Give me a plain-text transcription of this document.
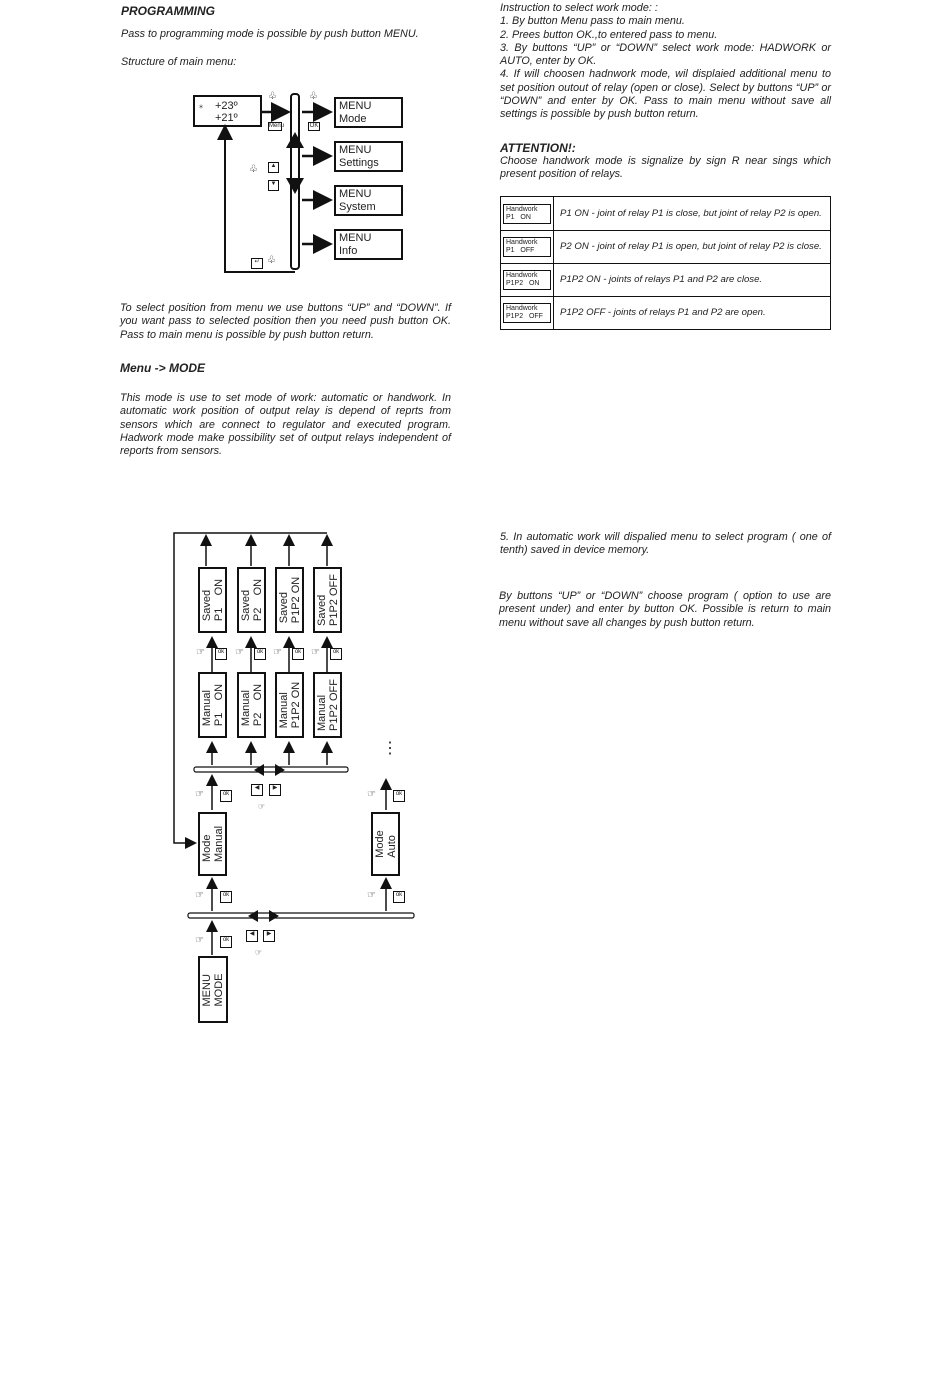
PROGRAMMING

Pass to programming mode is possible by push button MENU.

Structure of main menu:

⁎ +23º
+21º
♧
Menu
♧
OK
♧	▲
▼
↵ ♧
MENU
Mode
MENU
Settings
MENU
System
MENU
Info

To select position from menu we use buttons “UP” and “DOWN”. If you want pass to selected position then you need push button OK. Pass to main menu is possible by push button return.

Menu -> MODE

This mode is use to set mode of work: automatic or handwork. In automatic work position of output relay is depend of reprts from sensors which are connect to regulator and executed program. Hadwork mode make possibility set of output relays independent of reports from sensors.

Instruction to select work mode: :

1. By button Menu pass to main menu.

2. Prees button OK.,to entered pass to menu.

3. By buttons “UP” or “DOWN” select work mode: HADWORK or AUTO, enter by OK.

4. If will choosen hadnwork mode, wil displaied additional menu to set position outout of relay (open or close). Select by buttons “UP” or “DOWN” and enter by OK. Pass to main menu without save all settings is possible by push button return.

ATTENTION!:

Choose handwork mode is signalize by sign R near sings which present position of relays.

Handwork
P1   ON	P1 ON - joint of relay P1 is close, but joint of relay P2 is open.

Handwork
P1   OFF	P2 ON - joint of relay P1 is open, but joint of relay P2 is close.

Handwork
P1P2   ON	P1P2 ON - joints of relays P1 and P2 are close.

Handwork
P1P2   OFF	P1P2 OFF - joints of relays P1 and P2 are open.

5. In automatic work will dispalied menu to select program ( one of tenth) saved in device memory.

By buttons “UP” or “DOWN” choose program ( option to use are present under) and enter by button OK. Possible is return to main menu without save all changes by push button return.

Saved
P1    ON
Saved
P2    ON
Saved
P1P2 ON
Saved
P1P2 OFF
☞	ok ☞	ok ☞	ok ☞	ok
Manual
P1    ON Manual
P2    ON Manual
P1P2 ON
Manual
P1P2 OFF
⋮
☞	ok
◀	▶
☞
☞	ok
Mode
Manual	Mode
Auto
☞	ok	☞	ok
☞	ok
◀	▶
☞
MENU
MODE
